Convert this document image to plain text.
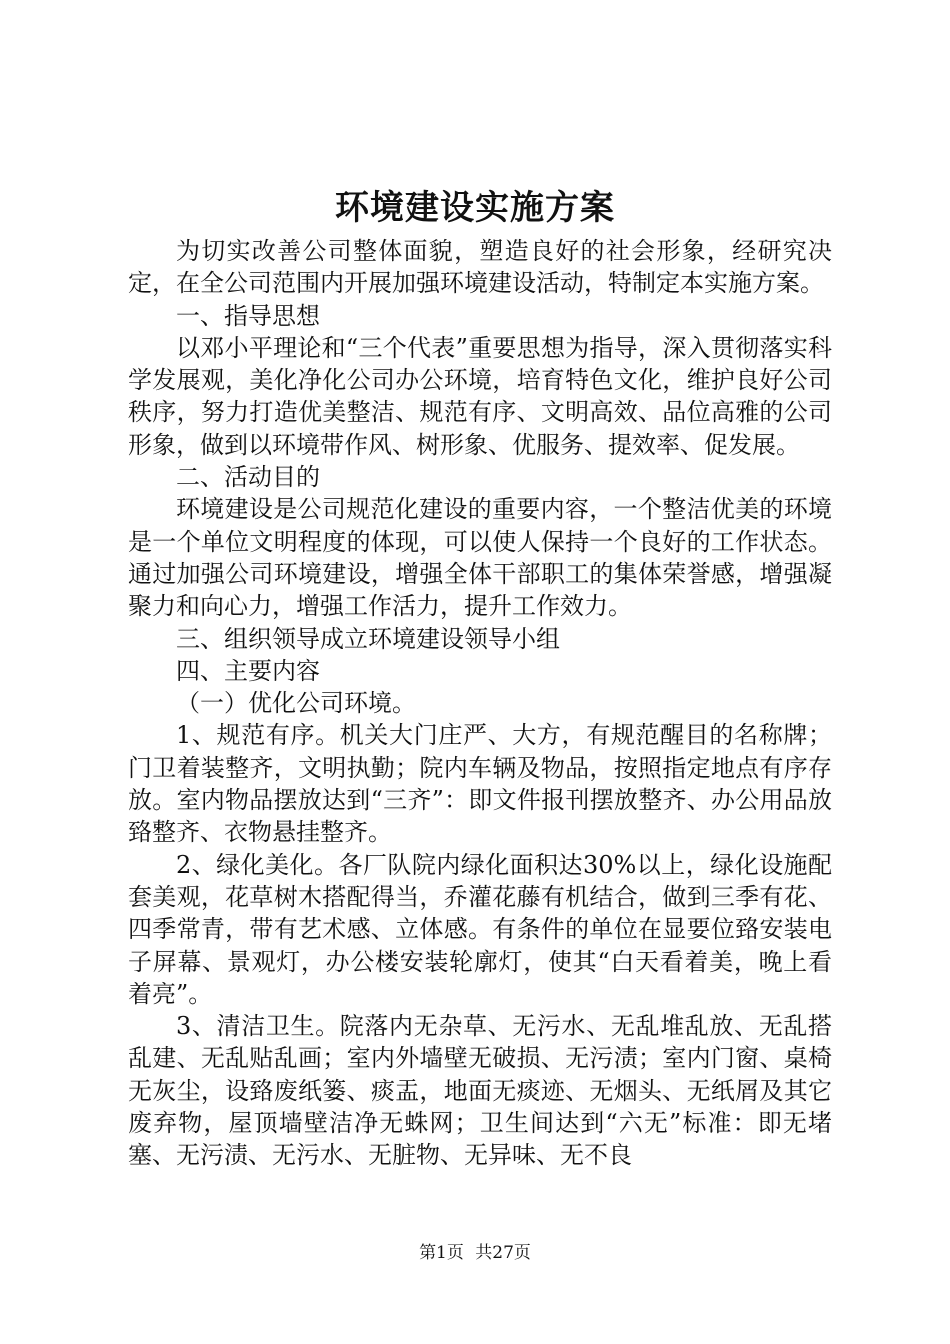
环境建设实施方案

为切实改善公司整体面貌，塑造良好的社会形象，经研究决定，在全公司范围内开展加强环境建设活动，特制定本实施方案。

一、指导思想

以邓小平理论和“三个代表”重要思想为指导，深入贯彻落实科学发展观，美化净化公司办公环境，培育特色文化，维护良好公司秩序，努力打造优美整洁、规范有序、文明高效、品位高雅的公司形象，做到以环境带作风、树形象、优服务、提效率、促发展。

二、活动目的

环境建设是公司规范化建设的重要内容，一个整洁优美的环境是一个单位文明程度的体现，可以使人保持一个良好的工作状态。通过加强公司环境建设，增强全体干部职工的集体荣誉感，增强凝聚力和向心力，增强工作活力，提升工作效力。

三、组织领导成立环境建设领导小组

四、主要内容

（一）优化公司环境。

1、规范有序。机关大门庄严、大方，有规范醒目的名称牌；门卫着装整齐，文明执勤；院内车辆及物品，按照指定地点有序存放。室内物品摆放达到“三齐”：即文件报刊摆放整齐、办公用品放臵整齐、衣物悬挂整齐。

2、绿化美化。各厂队院内绿化面积达30%以上，绿化设施配套美观，花草树木搭配得当，乔灌花藤有机结合，做到三季有花、四季常青，带有艺术感、立体感。有条件的单位在显要位臵安装电子屏幕、景观灯，办公楼安装轮廓灯，使其“白天看着美，晚上看着亮”。

3、清洁卫生。院落内无杂草、无污水、无乱堆乱放、无乱搭乱建、无乱贴乱画；室内外墙壁无破损、无污渍；室内门窗、桌椅无灰尘，设臵废纸篓、痰盂，地面无痰迹、无烟头、无纸屑及其它废弃物，屋顶墙壁洁净无蛛网；卫生间达到“六无”标准：即无堵塞、无污渍、无污水、无脏物、无异味、无不良

第1页 共27页
